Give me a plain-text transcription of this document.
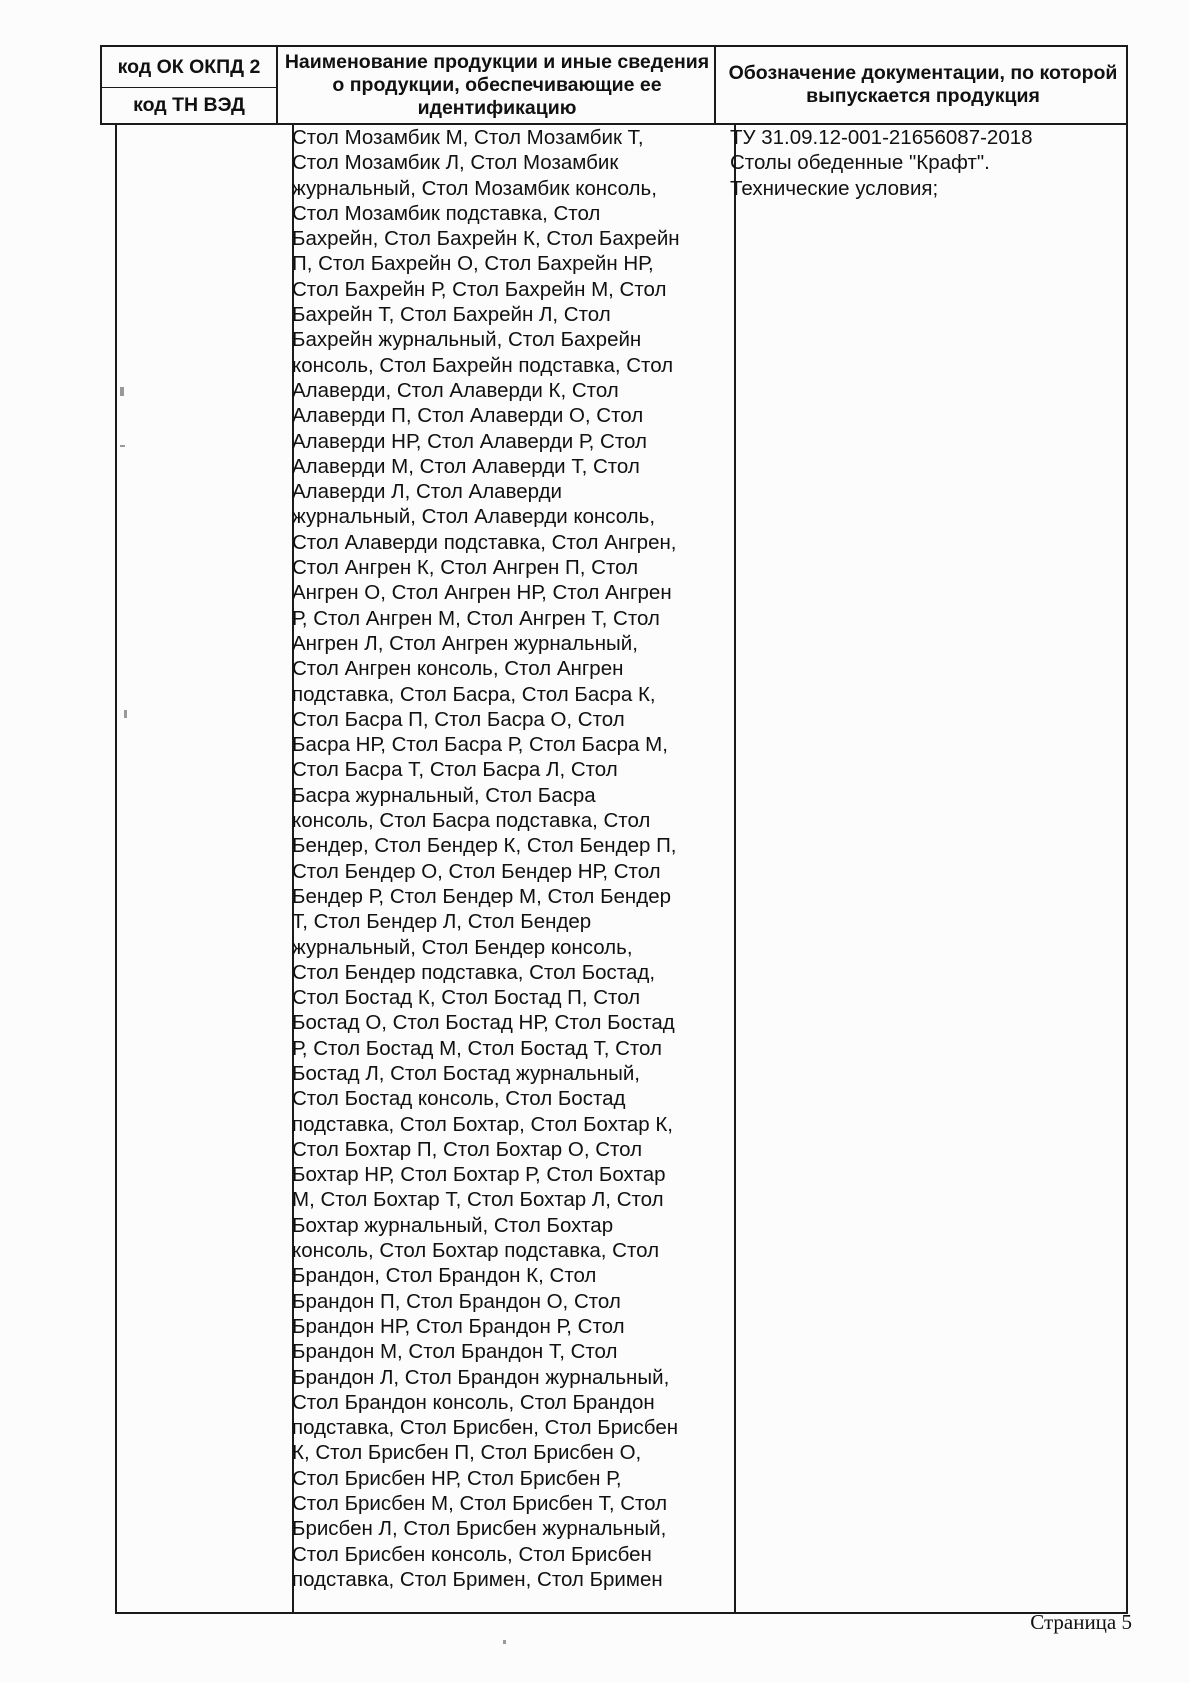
код ОК ОКПД 2
код ТН ВЭД
Наименование продукции и иные сведения о продукции, обеспечивающие ее идентификацию
Обозначение документации, по которой выпускается продукция
Стол Мозамбик М, Стол Мозамбик Т,
Стол Мозамбик Л, Стол Мозамбик
журнальный, Стол Мозамбик консоль,
Стол Мозамбик подставка, Стол
Бахрейн, Стол Бахрейн К, Стол Бахрейн
П, Стол Бахрейн О, Стол Бахрейн НР,
Стол Бахрейн Р, Стол Бахрейн М, Стол
Бахрейн Т, Стол Бахрейн Л, Стол
Бахрейн журнальный, Стол Бахрейн
консоль, Стол Бахрейн подставка, Стол
Алаверди, Стол Алаверди К, Стол
Алаверди П, Стол Алаверди О, Стол
Алаверди НР, Стол Алаверди Р, Стол
Алаверди М, Стол Алаверди Т, Стол
Алаверди Л, Стол Алаверди
журнальный, Стол Алаверди консоль,
Стол Алаверди подставка, Стол Ангрен,
Стол Ангрен К, Стол Ангрен П, Стол
Ангрен О, Стол Ангрен НР, Стол Ангрен
Р, Стол Ангрен М, Стол Ангрен Т, Стол
Ангрен Л, Стол Ангрен журнальный,
Стол Ангрен консоль, Стол Ангрен
подставка, Стол Басра, Стол Басра К,
Стол Басра П, Стол Басра О, Стол
Басра НР, Стол Басра Р, Стол Басра М,
Стол Басра Т, Стол Басра Л, Стол
Басра журнальный, Стол Басра
консоль, Стол Басра подставка, Стол
Бендер, Стол Бендер К, Стол Бендер П,
Стол Бендер О, Стол Бендер НР, Стол
Бендер Р, Стол Бендер М, Стол Бендер
Т, Стол Бендер Л, Стол Бендер
журнальный, Стол Бендер консоль,
Стол Бендер подставка, Стол Бостад,
Стол Бостад К, Стол Бостад П, Стол
Бостад О, Стол Бостад НР, Стол Бостад
Р, Стол Бостад М, Стол Бостад Т, Стол
Бостад Л, Стол Бостад журнальный,
Стол Бостад консоль, Стол Бостад
подставка, Стол Бохтар, Стол Бохтар К,
Стол Бохтар П, Стол Бохтар О, Стол
Бохтар НР, Стол Бохтар Р, Стол Бохтар
М, Стол Бохтар Т, Стол Бохтар Л, Стол
Бохтар журнальный, Стол Бохтар
консоль, Стол Бохтар подставка, Стол
Брандон, Стол Брандон К, Стол
Брандон П, Стол Брандон О, Стол
Брандон НР, Стол Брандон Р, Стол
Брандон М, Стол Брандон Т, Стол
Брандон Л, Стол Брандон журнальный,
Стол Брандон консоль, Стол Брандон
подставка, Стол Брисбен, Стол Брисбен
К, Стол Брисбен П, Стол Брисбен О,
Стол Брисбен НР, Стол Брисбен Р,
Стол Брисбен М, Стол Брисбен Т, Стол
Брисбен Л, Стол Брисбен журнальный,
Стол Брисбен консоль, Стол Брисбен
подставка, Стол Бримен, Стол Бримен
ТУ 31.09.12-001-21656087-2018
Столы обеденные "Крафт".
Технические условия;
Страница 5
